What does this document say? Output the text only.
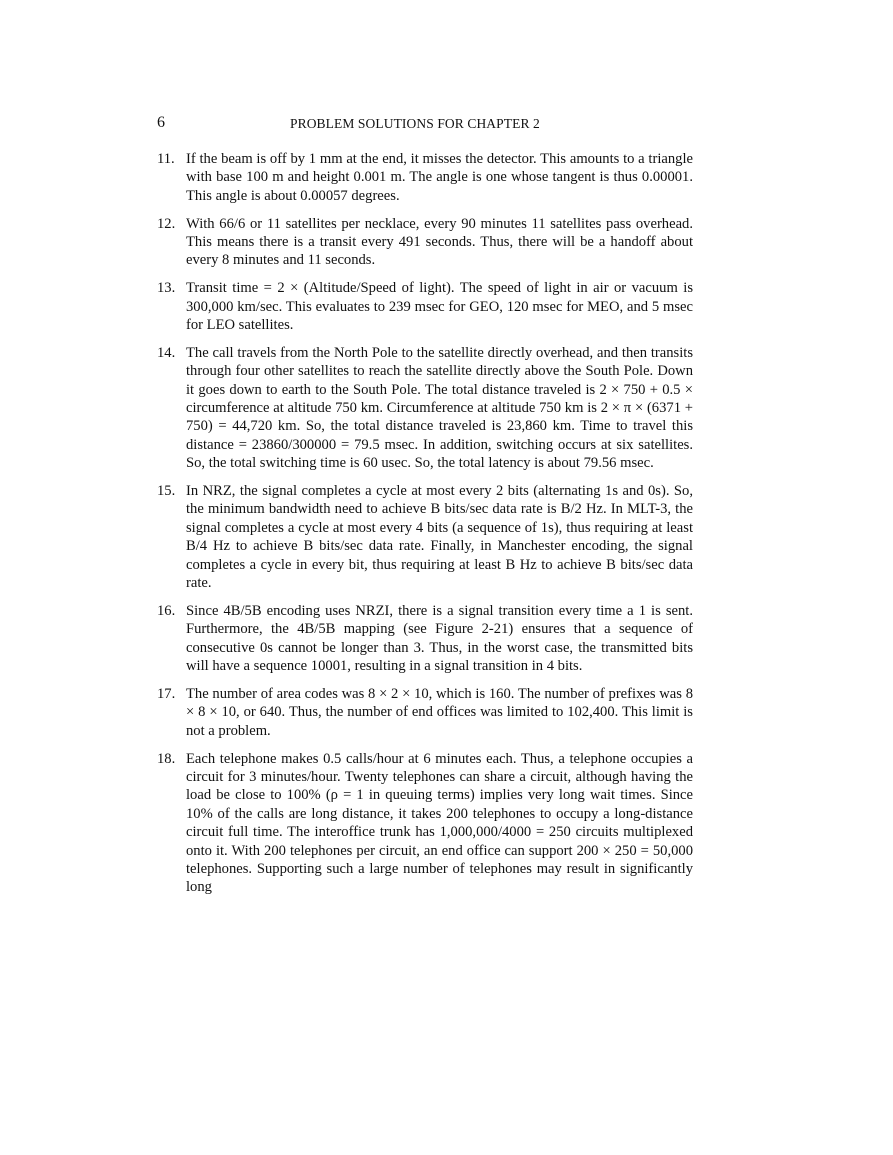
6	PROBLEM SOLUTIONS FOR CHAPTER 2
11. If the beam is off by 1 mm at the end, it misses the detector. This amounts to a triangle with base 100 m and height 0.001 m. The angle is one whose tangent is thus 0.00001. This angle is about 0.00057 degrees.
12. With 66/6 or 11 satellites per necklace, every 90 minutes 11 satellites pass overhead. This means there is a transit every 491 seconds. Thus, there will be a handoff about every 8 minutes and 11 seconds.
13. Transit time = 2 × (Altitude/Speed of light). The speed of light in air or vacuum is 300,000 km/sec. This evaluates to 239 msec for GEO, 120 msec for MEO, and 5 msec for LEO satellites.
14. The call travels from the North Pole to the satellite directly overhead, and then transits through four other satellites to reach the satellite directly above the South Pole. Down it goes down to earth to the South Pole. The total distance traveled is 2 × 750 + 0.5 × circumference at altitude 750 km. Circumference at altitude 750 km is 2 × π × (6371 + 750) = 44,720 km. So, the total distance traveled is 23,860 km. Time to travel this distance = 23860/300000 = 79.5 msec. In addition, switching occurs at six satellites. So, the total switching time is 60 usec. So, the total latency is about 79.56 msec.
15. In NRZ, the signal completes a cycle at most every 2 bits (alternating 1s and 0s). So, the minimum bandwidth need to achieve B bits/sec data rate is B/2 Hz. In MLT-3, the signal completes a cycle at most every 4 bits (a sequence of 1s), thus requiring at least B/4 Hz to achieve B bits/sec data rate. Finally, in Manchester encoding, the signal completes a cycle in every bit, thus requiring at least B Hz to achieve B bits/sec data rate.
16. Since 4B/5B encoding uses NRZI, there is a signal transition every time a 1 is sent. Furthermore, the 4B/5B mapping (see Figure 2-21) ensures that a sequence of consecutive 0s cannot be longer than 3. Thus, in the worst case, the transmitted bits will have a sequence 10001, resulting in a signal transition in 4 bits.
17. The number of area codes was 8 × 2 × 10, which is 160. The number of prefixes was 8 × 8 × 10, or 640. Thus, the number of end offices was limited to 102,400. This limit is not a problem.
18. Each telephone makes 0.5 calls/hour at 6 minutes each. Thus, a telephone occupies a circuit for 3 minutes/hour. Twenty telephones can share a circuit, although having the load be close to 100% (ρ = 1 in queuing terms) implies very long wait times. Since 10% of the calls are long distance, it takes 200 telephones to occupy a long-distance circuit full time. The interoffice trunk has 1,000,000/4000 = 250 circuits multiplexed onto it. With 200 telephones per circuit, an end office can support 200 × 250 = 50,000 telephones. Supporting such a large number of telephones may result in significantly long
